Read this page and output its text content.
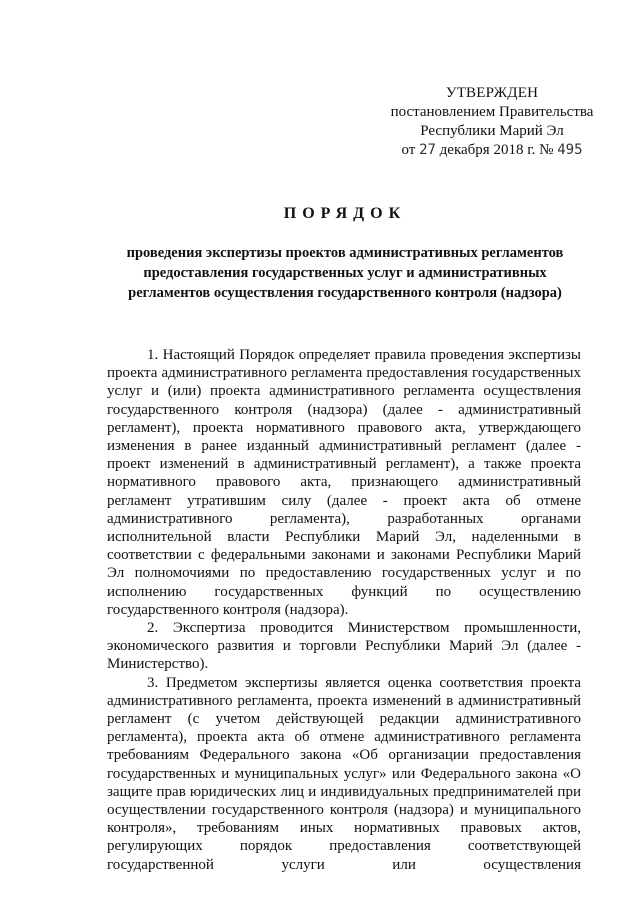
УТВЕРЖДЕН
постановлением Правительства
Республики Марий Эл
от 27 декабря 2018 г. № 495
ПОРЯДОК
проведения экспертизы проектов административных регламентов
предоставления государственных услуг и административных
регламентов осуществления государственного контроля (надзора)

1. Настоящий Порядок определяет правила проведения экспертизы проекта административного регламента предоставления государственных услуг и (или) проекта административного регламента осуществления государственного контроля (надзора) (далее - административный регламент), проекта нормативного правового акта, утверждающего изменения в ранее изданный административный регламент (далее - проект изменений в административный регламент), а также проекта нормативного правового акта, признающего административный регламент утратившим силу (далее - проект акта об отмене административного регламента), разработанных органами исполнительной власти Республики Марий Эл, наделенными в соответствии с федеральными законами и законами Республики Марий Эл полномочиями по предоставлению государственных услуг и по исполнению государственных функций по осуществлению государственного контроля (надзора).

2. Экспертиза проводится Министерством промышленности, экономического развития и торговли Республики Марий Эл (далее - Министерство).

3. Предметом экспертизы является оценка соответствия проекта административного регламента, проекта изменений в административный регламент (с учетом действующей редакции административного регламента), проекта акта об отмене административного регламента требованиям Федерального закона «Об организации предоставления государственных и муниципальных услуг» или Федерального закона «О защите прав юридических лиц и индивидуальных предпринимателей при осуществлении государственного контроля (надзора) и муниципального контроля», требованиям иных нормативных правовых актов, регулирующих порядок предоставления соответствующей государственной услуги или осуществления
